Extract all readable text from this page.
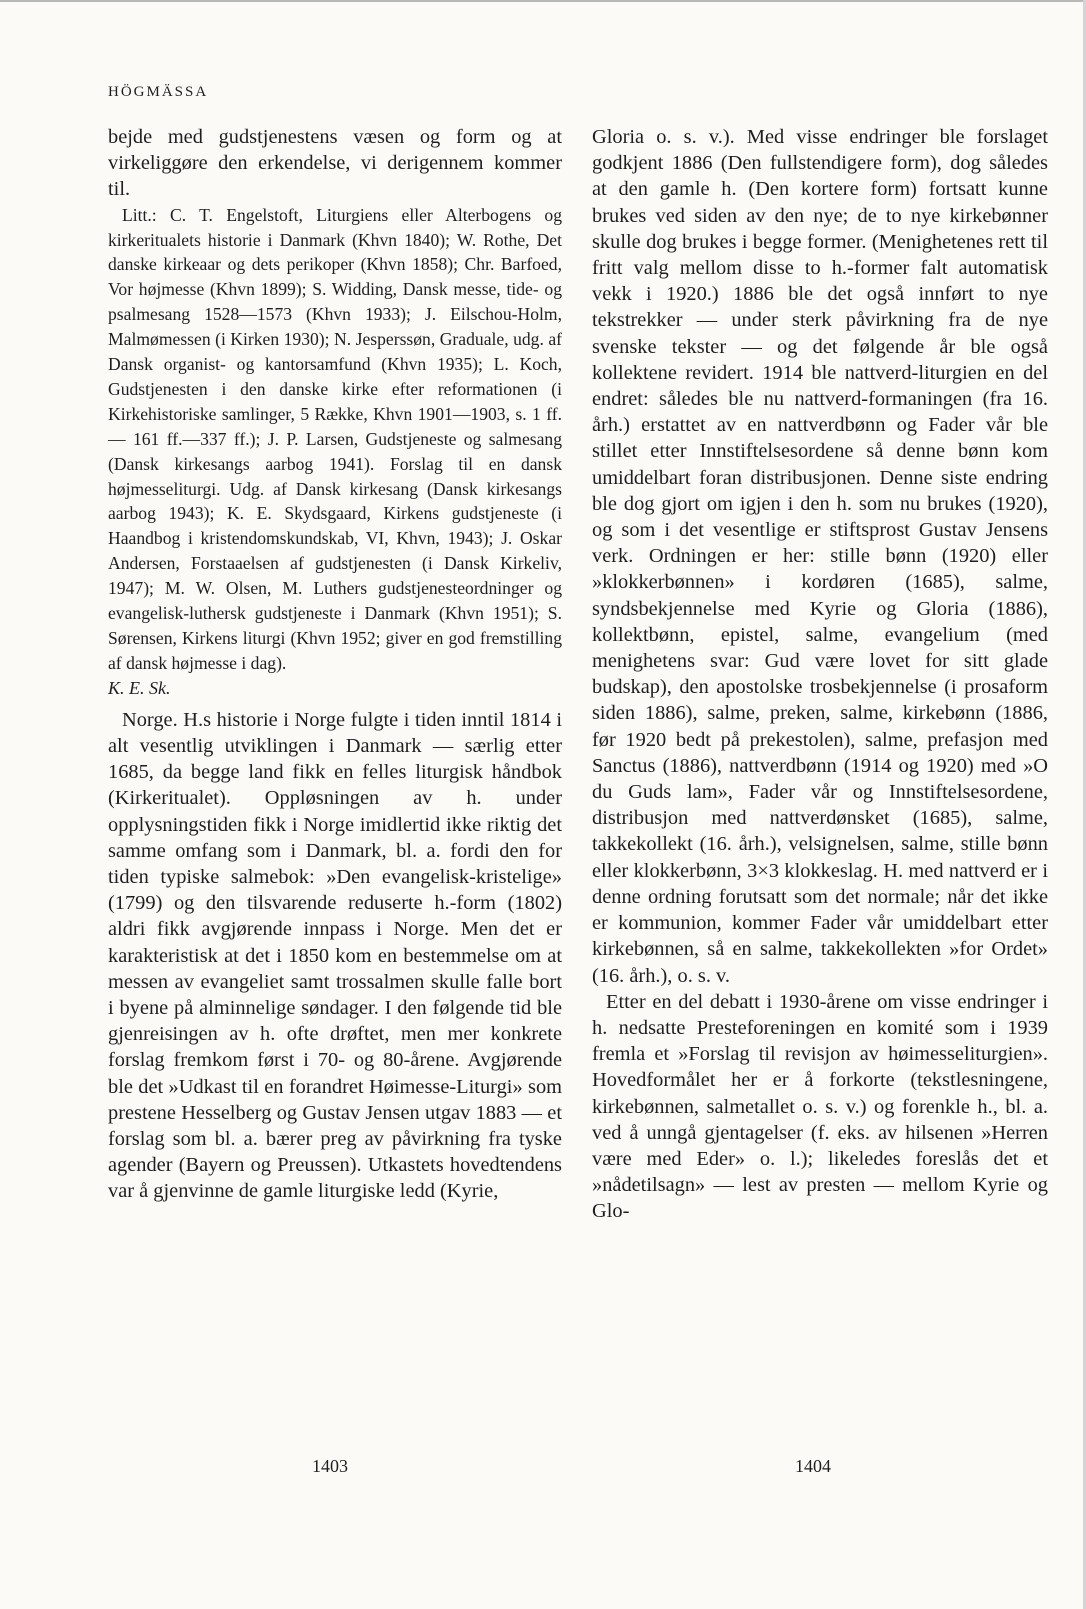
HÖGMÄSSA

bejde med gudstjenestens væsen og form og at virkeliggøre den erkendelse, vi derigennem kommer til.

Litt.: C. T. Engelstoft, Liturgiens eller Alterbogens og kirkeritualets historie i Danmark (Khvn 1840); W. Rothe, Det danske kirkeaar og dets perikoper (Khvn 1858); Chr. Barfoed, Vor højmesse (Khvn 1899); S. Widding, Dansk messe, tide- og psalmesang 1528—1573 (Khvn 1933); J. Eilschou-Holm, Malmømessen (i Kirken 1930); N. Jesperssøn, Graduale, udg. af Dansk organist- og kantorsamfund (Khvn 1935); L. Koch, Gudstjenesten i den danske kirke efter reformationen (i Kirkehistoriske samlinger, 5 Række, Khvn 1901—1903, s. 1 ff.— 161 ff.—337 ff.); J. P. Larsen, Gudstjeneste og salmesang (Dansk kirkesangs aarbog 1941). Forslag til en dansk højmesseliturgi. Udg. af Dansk kirkesang (Dansk kirkesangs aarbog 1943); K. E. Skydsgaard, Kirkens gudstjeneste (i Haandbog i kristendomskundskab, VI, Khvn, 1943); J. Oskar Andersen, Forstaaelsen af gudstjenesten (i Dansk Kirkeliv, 1947); M. W. Olsen, M. Luthers gudstjenesteordninger og evangelisk-luthersk gudstjeneste i Danmark (Khvn 1951); S. Sørensen, Kirkens liturgi (Khvn 1952; giver en god fremstilling af dansk højmesse i dag).

K. E. Sk.

Norge. H.s historie i Norge fulgte i tiden inntil 1814 i alt vesentlig utviklingen i Danmark — særlig etter 1685, da begge land fikk en felles liturgisk håndbok (Kirkeritualet). Oppløsningen av h. under opplysningstiden fikk i Norge imidlertid ikke riktig det samme omfang som i Danmark, bl. a. fordi den for tiden typiske salmebok: »Den evangelisk-kristelige» (1799) og den tilsvarende reduserte h.-form (1802) aldri fikk avgjørende innpass i Norge. Men det er karakteristisk at det i 1850 kom en bestemmelse om at messen av evangeliet samt trossalmen skulle falle bort i byene på alminnelige søndager. I den følgende tid ble gjenreisingen av h. ofte drøftet, men mer konkrete forslag fremkom først i 70- og 80-årene. Avgjørende ble det »Udkast til en forandret Høimesse-Liturgi» som prestene Hesselberg og Gustav Jensen utgav 1883 — et forslag som bl. a. bærer preg av påvirkning fra tyske agender (Bayern og Preussen). Utkastets hovedtendens var å gjenvinne de gamle liturgiske ledd (Kyrie,

Gloria o. s. v.). Med visse endringer ble forslaget godkjent 1886 (Den fullstendigere form), dog således at den gamle h. (Den kortere form) fortsatt kunne brukes ved siden av den nye; de to nye kirkebønner skulle dog brukes i begge former. (Menighetenes rett til fritt valg mellom disse to h.-former falt automatisk vekk i 1920.) 1886 ble det også innført to nye tekstrekker — under sterk påvirkning fra de nye svenske tekster — og det følgende år ble også kollektene revidert. 1914 ble nattverd-liturgien en del endret: således ble nu nattverd-formaningen (fra 16. årh.) erstattet av en nattverdbønn og Fader vår ble stillet etter Innstiftelsesordene så denne bønn kom umiddelbart foran distribusjonen. Denne siste endring ble dog gjort om igjen i den h. som nu brukes (1920), og som i det vesentlige er stiftsprost Gustav Jensens verk. Ordningen er her: stille bønn (1920) eller »klokkerbønnen» i kordøren (1685), salme, syndsbekjennelse med Kyrie og Gloria (1886), kollektbønn, epistel, salme, evangelium (med menighetens svar: Gud være lovet for sitt glade budskap), den apostolske trosbekjennelse (i prosaform siden 1886), salme, preken, salme, kirkebønn (1886, før 1920 bedt på prekestolen), salme, prefasjon med Sanctus (1886), nattverdbønn (1914 og 1920) med »O du Guds lam», Fader vår og Innstiftelsesordene, distribusjon med nattverdønsket (1685), salme, takkekollekt (16. årh.), velsignelsen, salme, stille bønn eller klokkerbønn, 3×3 klokkeslag. H. med nattverd er i denne ordning forutsatt som det normale; når det ikke er kommunion, kommer Fader vår umiddelbart etter kirkebønnen, så en salme, takkekollekten »for Ordet» (16. årh.), o. s. v.

Etter en del debatt i 1930-årene om visse endringer i h. nedsatte Presteforeningen en komité som i 1939 fremla et »Forslag til revisjon av høimesseliturgien». Hovedformålet her er å forkorte (tekstlesningene, kirkebønnen, salmetallet o. s. v.) og forenkle h., bl. a. ved å unngå gjentagelser (f. eks. av hilsenen »Herren være med Eder» o. l.); likeledes foreslås det et »nådetilsagn» — lest av presten — mellom Kyrie og Glo-

1403	1404
